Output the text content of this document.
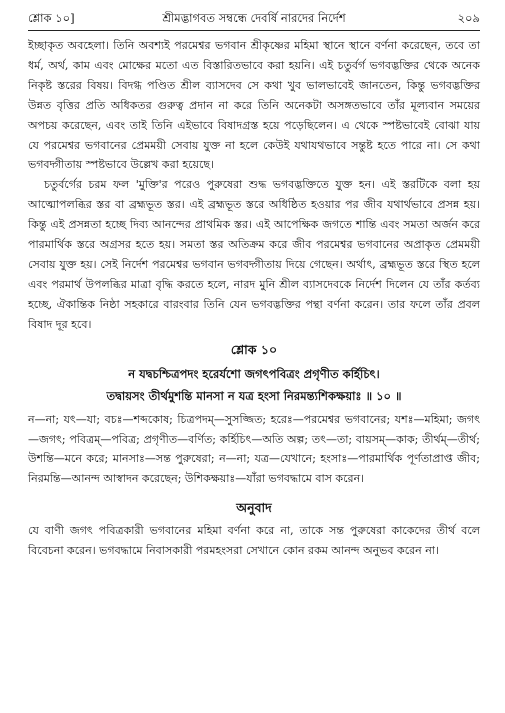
শ্লোক ১০]	শ্রীমদ্ভাগবত সম্বন্ধে দেবর্ষি নারদের নির্দেশ	২০৯

ইচ্ছাকৃত অবহেলা। তিনি অবশ্যই পরমেশ্বর ভগবান শ্রীকৃষ্ণের মহিমা স্থানে স্থানে বর্ণনা করেছেন, তবে তা ধর্ম, অর্থ, কাম এবং মোক্ষের মতো এত বিস্তারিতভাবে করা হয়নি। এই চতুর্বর্গ ভগবদ্ভক্তির থেকে অনেক নিকৃষ্ট স্তরের বিষয়। বিদগ্ধ পণ্ডিত শ্রীল ব্যাসদেব সে কথা খুব ভালভাবেই জানতেন, কিন্তু ভগবদ্ভক্তির উন্নত বৃত্তির প্রতি অধিকতর গুরুত্ব প্রদান না করে তিনি অনেকটা অসঙ্গতভাবে তাঁর মূল্যবান সময়ের অপচয় করেছেন, এবং তাই তিনি এইভাবে বিষাদগ্রস্ত হয়ে পড়েছিলেন। এ থেকে স্পষ্টভাবেই বোঝা যায় যে পরমেশ্বর ভগবানের প্রেমময়ী সেবায় যুক্ত না হলে কেউই যথাযথভাবে সন্তুষ্ট হতে পারে না। সে কথা ভগবদ্গীতায় স্পষ্টভাবে উল্লেখ করা হয়েছে।

চতুর্বর্গের চরম ফল 'মুক্তি'র পরেও পুরুষেরা শুদ্ধ ভগবদ্ভক্তিতে যুক্ত হন। এই স্তরটিকে বলা হয় আত্মোপলব্ধির স্তর বা ব্রহ্মভূত স্তর। এই ব্রহ্মভূত স্তরে অধিষ্ঠিত হওয়ার পর জীব যথার্থভাবে প্রসন্ন হয়। কিন্তু এই প্রসন্নতা হচ্ছে দিব্য আনন্দের প্রাথমিক স্তর। এই আপেক্ষিক জগতে শান্তি এবং সমতা অর্জন করে পারমার্থিক স্তরে অগ্রসর হতে হয়। সমতা স্তর অতিক্রম করে জীব পরমেশ্বর ভগবানের অপ্রাকৃত প্রেমময়ী সেবায় যুক্ত হয়। সেই নির্দেশ পরমেশ্বর ভগবান ভগবদ্গীতায় দিয়ে গেছেন। অর্থাৎ, ব্রহ্মভূত স্তরে স্থিত হলে এবং পরমার্থ উপলব্ধির মাত্রা বৃদ্ধি করতে হলে, নারদ মুনি শ্রীল ব্যাসদেবকে নির্দেশ দিলেন যে তাঁর কর্তব্য হচ্ছে, ঐকান্তিক নিষ্ঠা সহকারে বারংবার তিনি যেন ভগবদ্ভক্তির পন্থা বর্ণনা করেন। তার ফলে তাঁর প্রবল বিষাদ দূর হবে।

শ্লোক ১০
ন যদ্বচশ্চিত্রপদং হরের্যশো জগৎপবিত্রং প্রগৃণীত কর্হিচিৎ।
তদ্বায়সং তীর্থমুশন্তি মানসা ন যত্র হংসা নিরমন্ত্যশিকক্ষয়াঃ ॥ ১০ ॥

ন—না; যৎ—যা; বচঃ—শব্দকোষ; চিত্রপদম্—সুসজ্জিত; হরেঃ—পরমেশ্বর ভগবানের; যশঃ—মহিমা; জগৎ—জগৎ; পবিত্রম্—পবিত্র; প্রগৃণীত—বর্ণিত; কর্হিচিৎ—অতি অল্প; তৎ—তা; বায়সম্—কাক; তীর্থম্—তীর্থ; উশন্তি—মনে করে; মানসাঃ—সন্ত পুরুষেরা; ন—না; যত্র—যেখানে; হংসাঃ—পারমার্থিক পূর্ণতাপ্রাপ্ত জীব; নিরমন্তি—আনন্দ আস্বাদন করেছেন; উশিকক্ষয়াঃ—যাঁরা ভগবদ্ধামে বাস করেন।

অনুবাদ

যে বাণী জগৎ পবিত্রকারী ভগবানের মহিমা বর্ণনা করে না, তাকে সন্ত পুরুষেরা কাকেদের তীর্থ বলে বিবেচনা করেন। ভগবদ্ধামে নিবাসকারী পরমহংসরা সেখানে কোন রকম আনন্দ অনুভব করেন না।
